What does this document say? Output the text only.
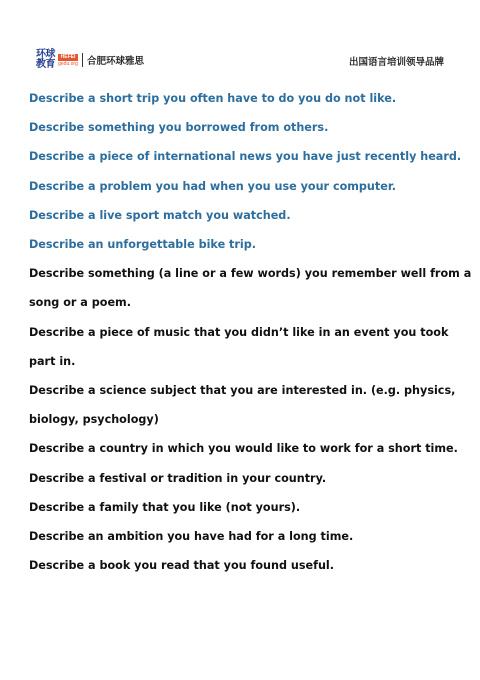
环球
教育
HEFEI
gedu.org 合肥环球雅思	出国语言培训领导品牌
Describe a short trip you often have to do you do not like.
Describe something you borrowed from others.
Describe a piece of international news you have just recently heard.
Describe a problem you had when you use your computer.
Describe a live sport match you watched.
Describe an unforgettable bike trip.
Describe something (a line or a few words) you remember well from a
song or a poem.
Describe a piece of music that you didn’t like in an event you took
part in.
Describe a science subject that you are interested in. (e.g. physics,
biology, psychology)
Describe a country in which you would like to work for a short time.
Describe a festival or tradition in your country.
Describe a family that you like (not yours).
Describe an ambition you have had for a long time.
Describe a book you read that you found useful.
